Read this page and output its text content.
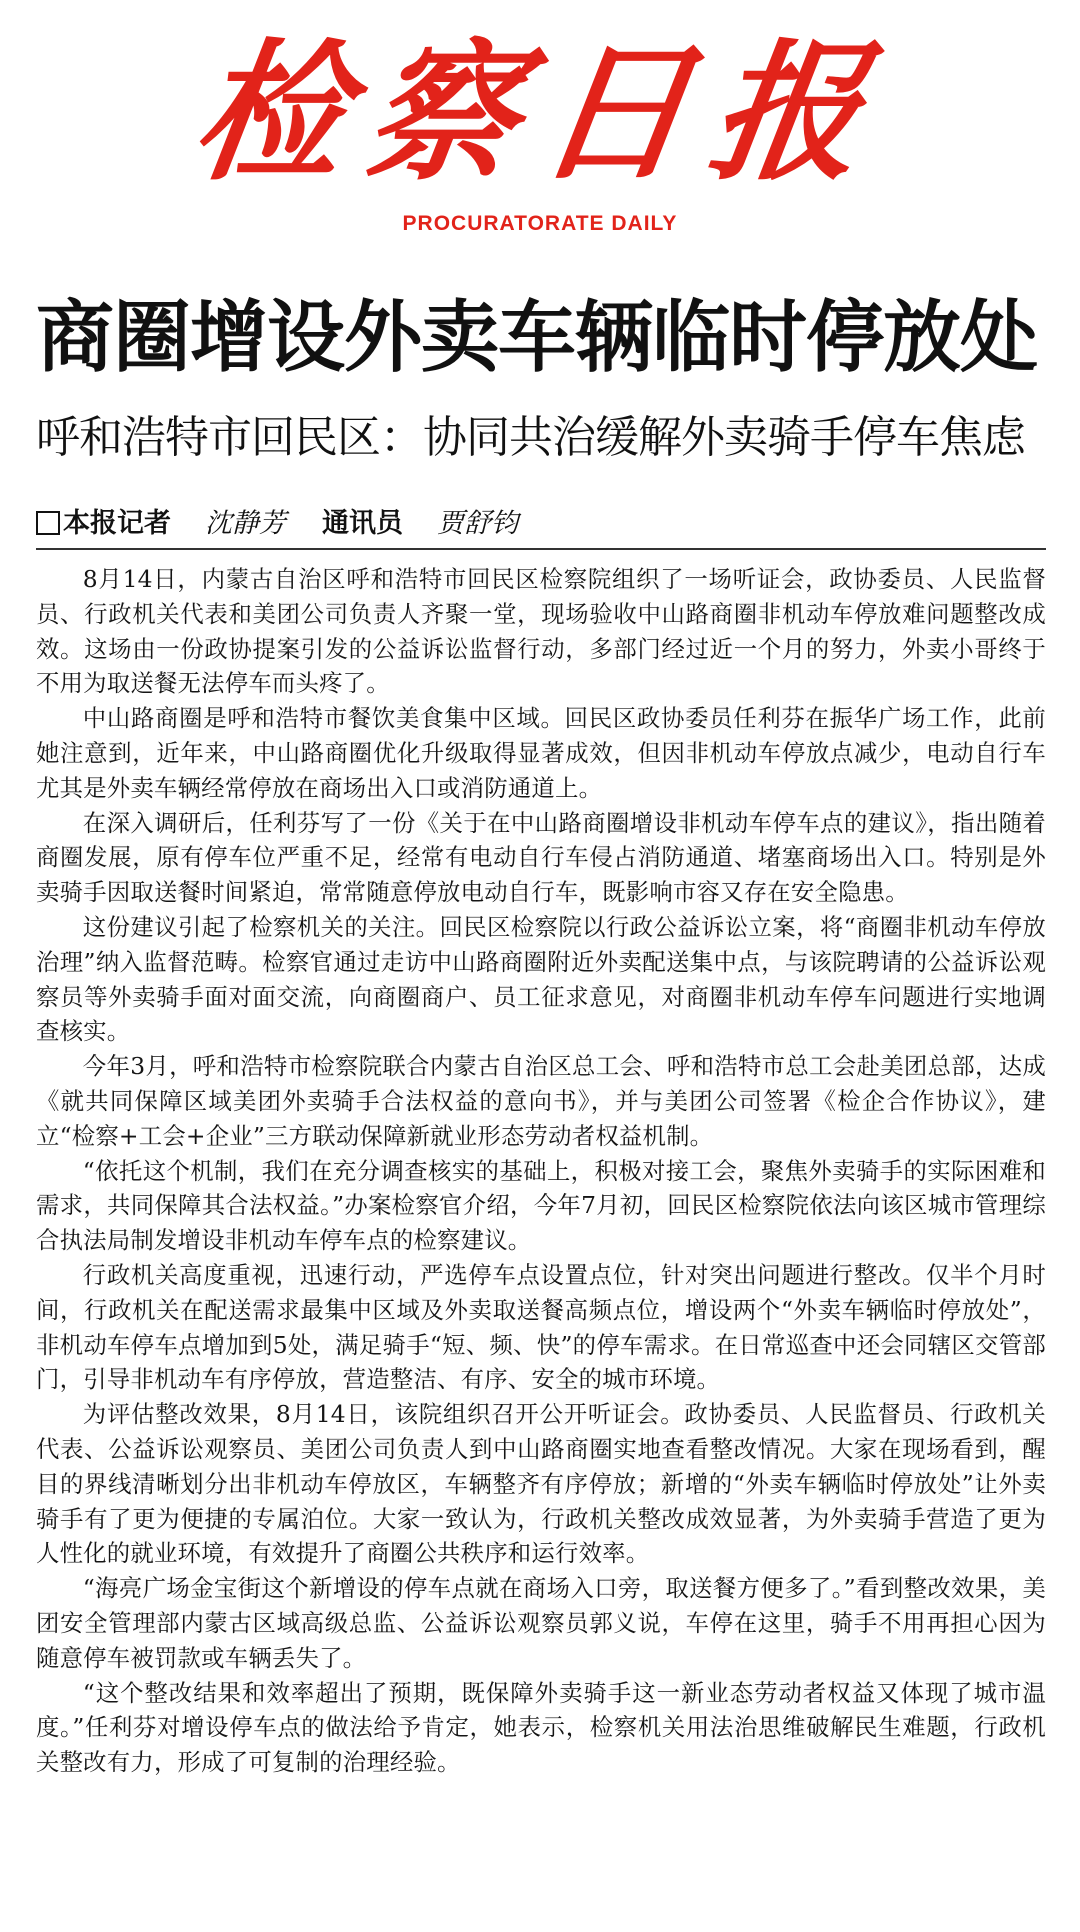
检察日报
PROCURATORATE DAILY
商圈增设外卖车辆临时停放处
呼和浩特市回民区：协同共治缓解外卖骑手停车焦虑
本报记者 沈静芳 通讯员 贾舒钧

8月14日，内蒙古自治区呼和浩特市回民区检察院组织了一场听证会，政协委员、人民监督员、行政机关代表和美团公司负责人齐聚一堂，现场验收中山路商圈非机动车停放难问题整改成效。这场由一份政协提案引发的公益诉讼监督行动，多部门经过近一个月的努力，外卖小哥终于不用为取送餐无法停车而头疼了。

中山路商圈是呼和浩特市餐饮美食集中区域。回民区政协委员任利芬在振华广场工作，此前她注意到，近年来，中山路商圈优化升级取得显著成效，但因非机动车停放点减少，电动自行车尤其是外卖车辆经常停放在商场出入口或消防通道上。

在深入调研后，任利芬写了一份《关于在中山路商圈增设非机动车停车点的建议》，指出随着商圈发展，原有停车位严重不足，经常有电动自行车侵占消防通道、堵塞商场出入口。特别是外卖骑手因取送餐时间紧迫，常常随意停放电动自行车，既影响市容又存在安全隐患。

这份建议引起了检察机关的关注。回民区检察院以行政公益诉讼立案，将“商圈非机动车停放治理”纳入监督范畴。检察官通过走访中山路商圈附近外卖配送集中点，与该院聘请的公益诉讼观察员等外卖骑手面对面交流，向商圈商户、员工征求意见，对商圈非机动车停车问题进行实地调查核实。

今年3月，呼和浩特市检察院联合内蒙古自治区总工会、呼和浩特市总工会赴美团总部，达成《就共同保障区域美团外卖骑手合法权益的意向书》，并与美团公司签署《检企合作协议》，建立“检察+工会+企业”三方联动保障新就业形态劳动者权益机制。

“依托这个机制，我们在充分调查核实的基础上，积极对接工会，聚焦外卖骑手的实际困难和需求，共同保障其合法权益。”办案检察官介绍，今年7月初，回民区检察院依法向该区城市管理综合执法局制发增设非机动车停车点的检察建议。

行政机关高度重视，迅速行动，严选停车点设置点位，针对突出问题进行整改。仅半个月时间，行政机关在配送需求最集中区域及外卖取送餐高频点位，增设两个“外卖车辆临时停放处”，非机动车停车点增加到5处，满足骑手“短、频、快”的停车需求。在日常巡查中还会同辖区交管部门，引导非机动车有序停放，营造整洁、有序、安全的城市环境。

为评估整改效果，8月14日，该院组织召开公开听证会。政协委员、人民监督员、行政机关代表、公益诉讼观察员、美团公司负责人到中山路商圈实地查看整改情况。大家在现场看到，醒目的界线清晰划分出非机动车停放区，车辆整齐有序停放；新增的“外卖车辆临时停放处”让外卖骑手有了更为便捷的专属泊位。大家一致认为，行政机关整改成效显著，为外卖骑手营造了更为人性化的就业环境，有效提升了商圈公共秩序和运行效率。

“海亮广场金宝街这个新增设的停车点就在商场入口旁，取送餐方便多了。”看到整改效果，美团安全管理部内蒙古区域高级总监、公益诉讼观察员郭义说，车停在这里，骑手不用再担心因为随意停车被罚款或车辆丢失了。

“这个整改结果和效率超出了预期，既保障外卖骑手这一新业态劳动者权益又体现了城市温度。”任利芬对增设停车点的做法给予肯定，她表示，检察机关用法治思维破解民生难题，行政机关整改有力，形成了可复制的治理经验。
